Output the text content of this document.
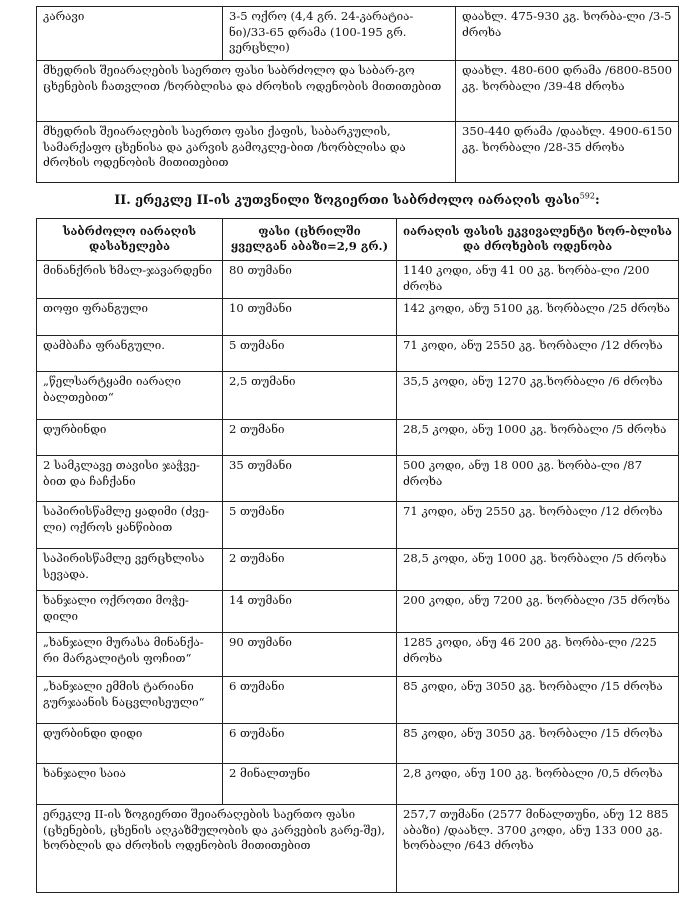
კარავი	3-5 ოქრო (4,4 გრ. 24-კარატია-ნი)/33-65 დრამა (100-195 გრ. ვერცხლი)	დაახლ. 475-930 კგ. ხორბა-ლი /3-5 ძროხა
მხედრის შეიარაღების საერთო ფასი საბრძოლო და საბარ-გო ცხენების ჩათვლით /ხორბლისა და ძროხის ოდენობის მითითებით		დაახლ. 480-600 დრამა /6800-8500 კგ. ხორბალი /39-48 ძროხა
მხედრის შეიარაღების საერთო ფასი ქაფის, საბარკულის, სამარქაფო ცხენისა და კარვის გამოკლე-ბით /ხორბლისა და ძროხის ოდენობის მითითებით		350-440 დრამა /დაახლ. 4900-6150 კგ. ხორბალი /28-35 ძროხა
II. ერეკლე II-ის კუთვნილი ზოგიერთი საბრძოლო იარაღის ფასი$^{592}$:
საბრძოლო იარაღის დასახელება	ფასი (ცხრილში ყველგან აბაზი=2,9 გრ.)	იარაღის ფასის ეკვივალენტი ხორ-ბლისა და ძროხების ოდენობა
მინანქრის ხმალ-ჯავარდენი	80 თუმანი	1140 კოდი, ანუ 41 00 კგ. ხორბა-ლი /200 ძროხა
თოფი ფრანგული	10 თუმანი	142 კოდი, ანუ 5100 კგ. ხორბალი /25 ძროხა
დამბაჩა ფრანგული.	5 თუმანი	71 კოდი, ანუ 2550 კგ. ხორბალი /12 ძროხა
„წელსარტყამი იარაღი ბალთებით“	2,5 თუმანი	35,5 კოდი, ანუ 1270 კგ.ხორბალი /6 ძროხა
დურბინდი	2 თუმანი	28,5 კოდი, ანუ 1000 კგ. ხორბალი /5 ძროხა
2 სამკლავე თავისი ჯაჭვე-ბით და ჩაჩქანი	35 თუმანი	500 კოდი, ანუ 18 000 კგ. ხორბა-ლი /87 ძროხა
საპირისწამლე ყადიმი (ძვე-ლი) ოქროს ყანწიბით	5 თუმანი	71 კოდი, ანუ 2550 კგ. ხორბალი /12 ძროხა
საპირისწამლე ვერცხლისა სევადა.	2 თუმანი	28,5 კოდი, ანუ 1000 კგ. ხორბალი /5 ძროხა
ხანჯალი ოქროთი მოჭე-დილი	14 თუმანი	200 კოდი, ანუ 7200 კგ. ხორბალი /35 ძროხა
„ხანჯალი მურასა მინანქა-რი მარგალიტის ფოჩით“	90 თუმანი	1285 კოდი, ანუ 46 200 კგ. ხორბა-ლი /225 ძროხა
„ხანჯალი ემმის ტარიანი გურჯაანის ნაცვლისეული“	6 თუმანი	85 კოდი, ანუ 3050 კგ. ხორბალი /15 ძროხა
დურბინდი დიდი	6 თუმანი	85 კოდი, ანუ 3050 კგ. ხორბალი /15 ძროხა
ხანჯალი საია	2 მინალთუნი	2,8 კოდი, ანუ 100 კგ. ხორბალი /0,5 ძროხა
ერეკლე II-ის ზოგიერთი შეიარაღების საერთო ფასი (ცხენების, ცხენის აღკაზმულობის და კარვების გარე-შე), ხორბლის და ძროხის ოდენობის მითითებით		257,7 თუმანი (2577 მინალთუნი, ანუ 12 885 აბაზი) /დაახლ. 3700 კოდი, ანუ 133 000 კგ. ხორბალი /643 ძროხა
